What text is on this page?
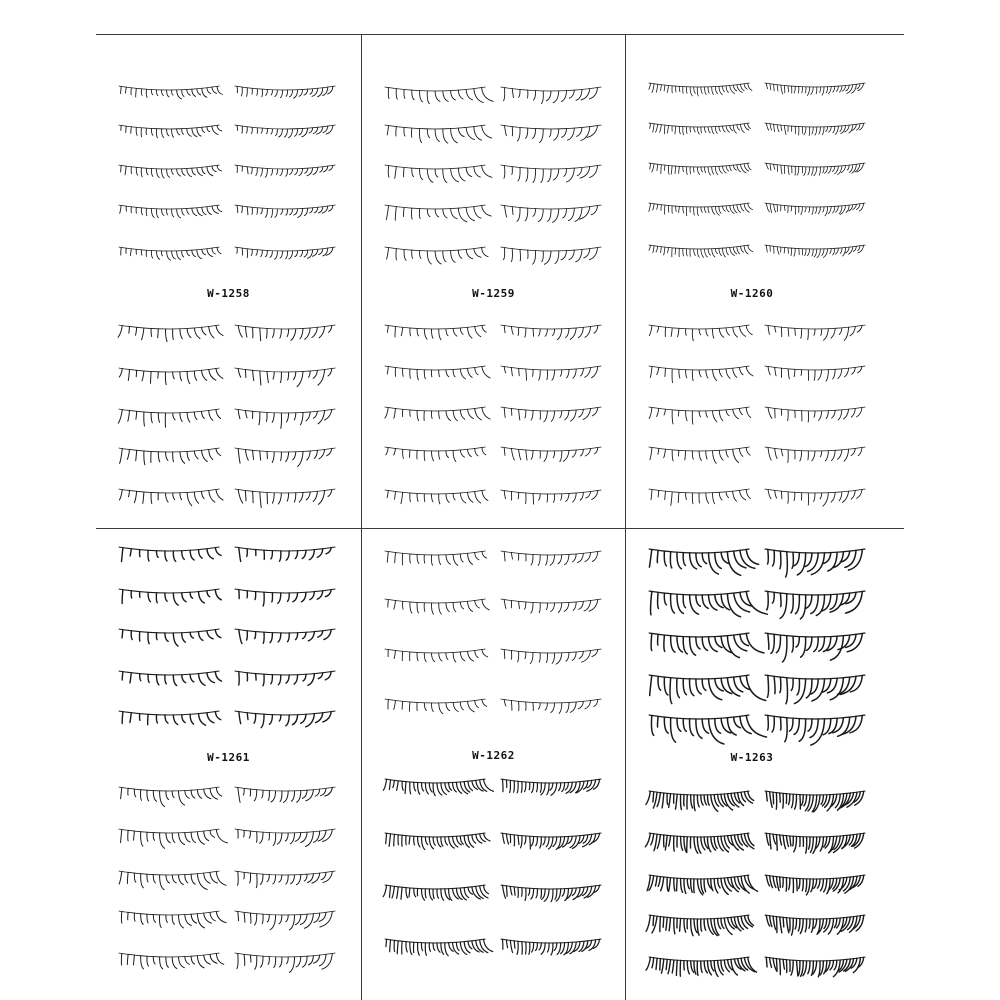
W-1258	W-1259	W-1260
W-1261	W-1262	W-1263
